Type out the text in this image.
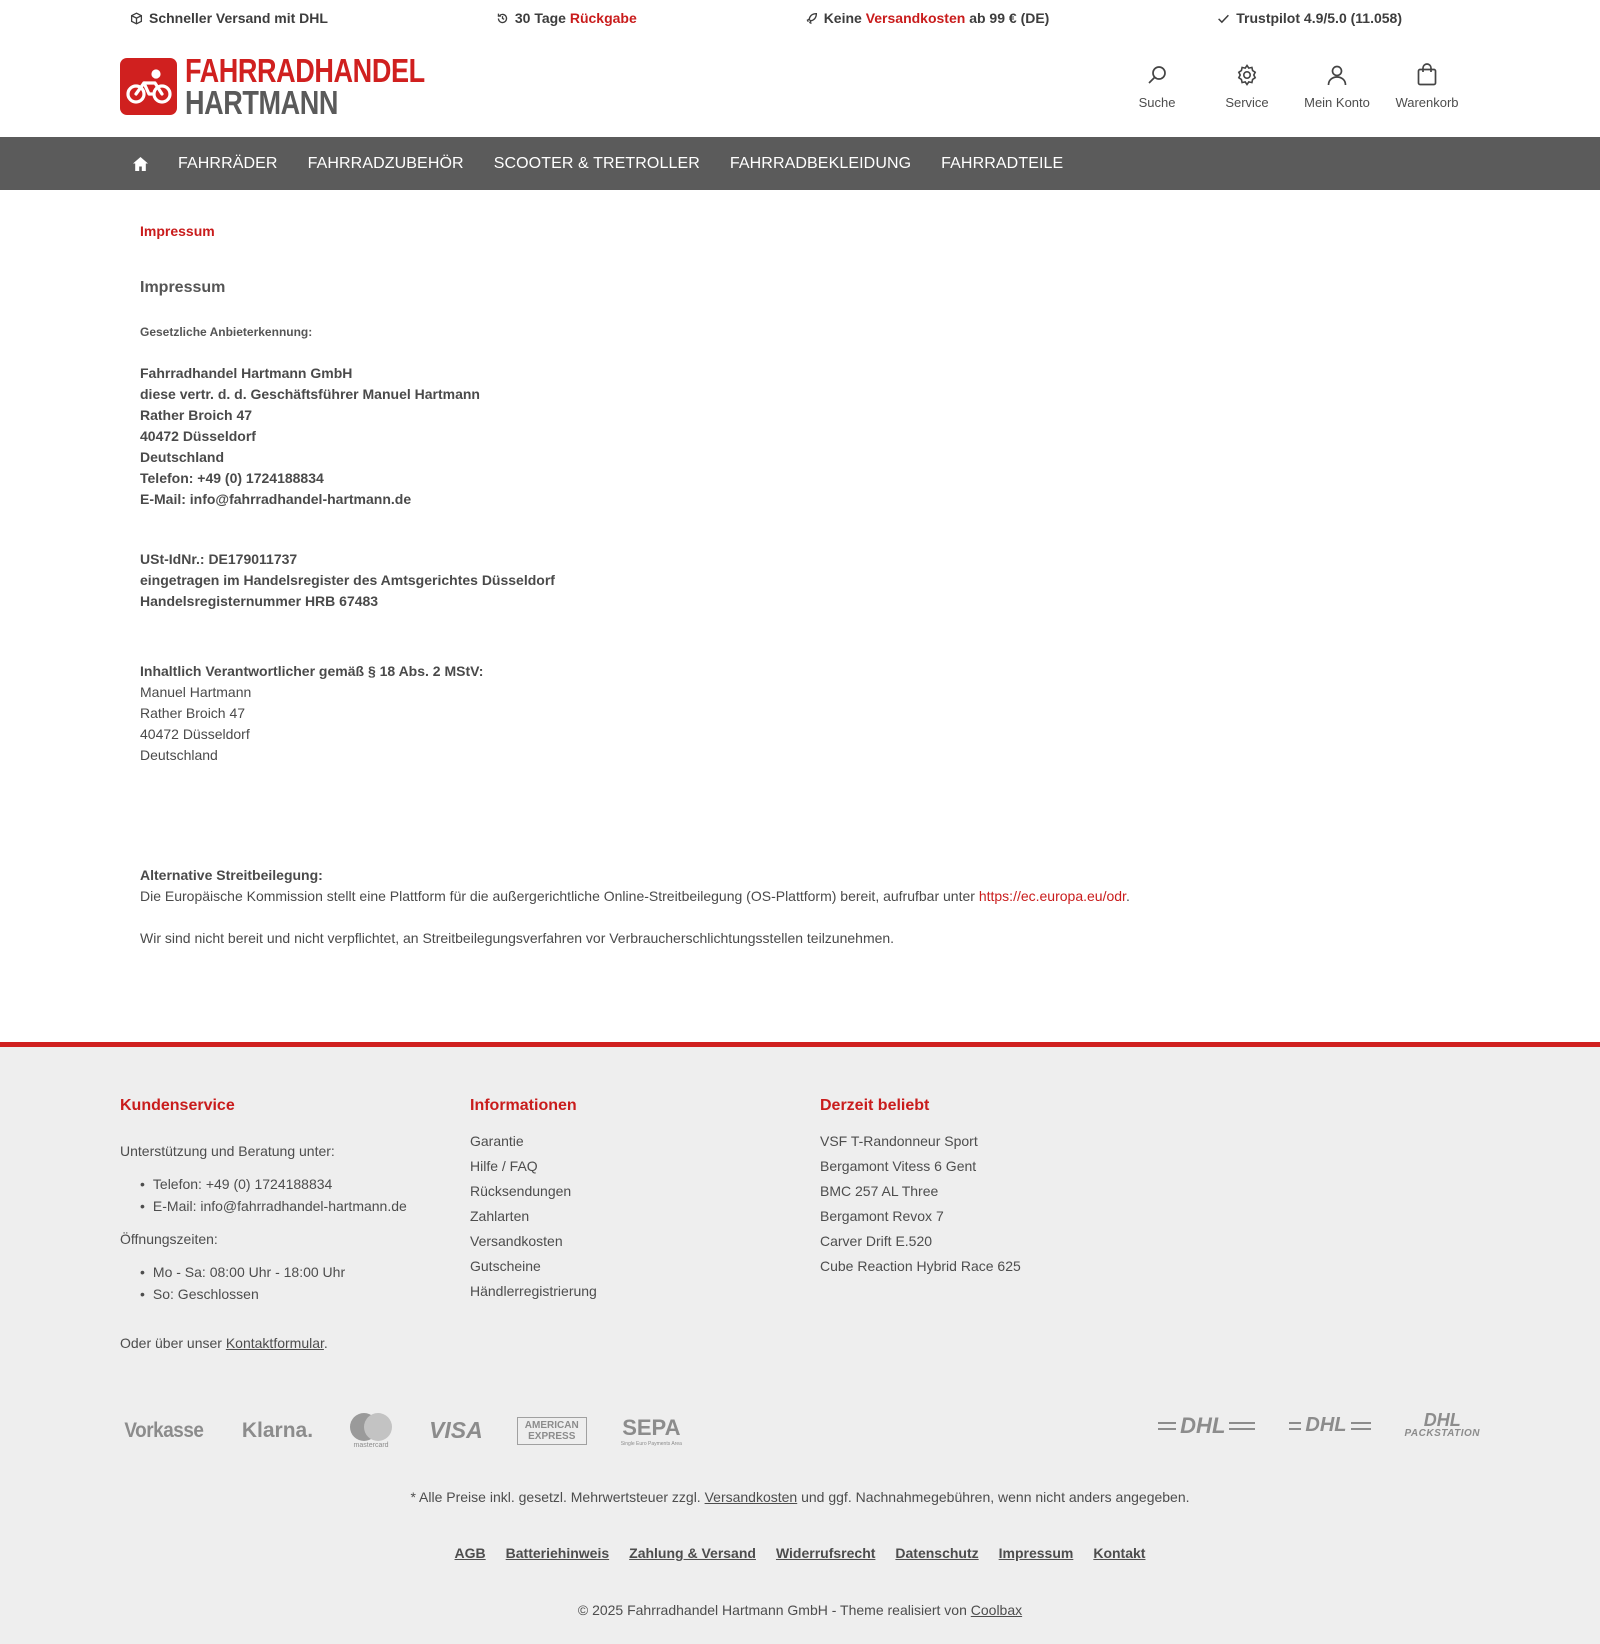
Schneller Versand mit DHL	30 Tage Rückgabe	Keine Versandkosten ab 99 € (DE)	Trustpilot 4.9/5.0 (11.058)
FAHRRADHANDEL
HARTMANN	Suche	Service	Mein Konto Warenkorb
FAHRRÄDER FAHRRADZUBEHÖR SCOOTER & TRETROLLER FAHRRADBEKLEIDUNG FAHRRADTEILE
Impressum
Impressum
Gesetzliche Anbieterkennung:
Fahrradhandel Hartmann GmbH
diese vertr. d. d. Geschäftsführer Manuel Hartmann
Rather Broich 47
40472 Düsseldorf
Deutschland
Telefon: +49 (0) 1724188834
E-Mail: info@fahrradhandel-hartmann.de
USt-IdNr.: DE179011737
eingetragen im Handelsregister des Amtsgerichtes Düsseldorf
Handelsregisternummer HRB 67483
Inhaltlich Verantwortlicher gemäß § 18 Abs. 2 MStV:
Manuel Hartmann
Rather Broich 47
40472 Düsseldorf
Deutschland
Alternative Streitbeilegung:
Die Europäische Kommission stellt eine Plattform für die außergerichtliche Online-Streitbeilegung (OS-Plattform) bereit, aufrufbar unter https://ec.europa.eu/odr.
Wir sind nicht bereit und nicht verpflichtet, an Streitbeilegungsverfahren vor Verbraucherschlichtungsstellen teilzunehmen.
Kundenservice

Unterstützung und Beratung unter:

• Telefon: +49 (0) 1724188834
• E-Mail: info@fahrradhandel-hartmann.de

Öffnungszeiten:

• Mo - Sa: 08:00 Uhr - 18:00 Uhr
• So: Geschlossen

Oder über unser Kontaktformular.

Informationen
Garantie
Hilfe / FAQ
Rücksendungen
Zahlarten
Versandkosten
Gutscheine
Händlerregistrierung
Derzeit beliebt
VSF T-Randonneur Sport
Bergamont Vitess 6 Gent
BMC 257 AL Three
Bergamont Revox 7
Carver Drift E.520
Cube Reaction Hybrid Race 625
Vorkasse Klarna.
mastercard
VISA	AMERICAN EXPRESS	SEPA
Single Euro Payments Area
DHL	DHL	DHL
PACKSTATION
* Alle Preise inkl. gesetzl. Mehrwertsteuer zzgl. Versandkosten und ggf. Nachnahmegebühren, wenn nicht anders angegeben.
AGB Batteriehinweis Zahlung & Versand Widerrufsrecht Datenschutz Impressum Kontakt
© 2025 Fahrradhandel Hartmann GmbH - Theme realisiert von Coolbax
